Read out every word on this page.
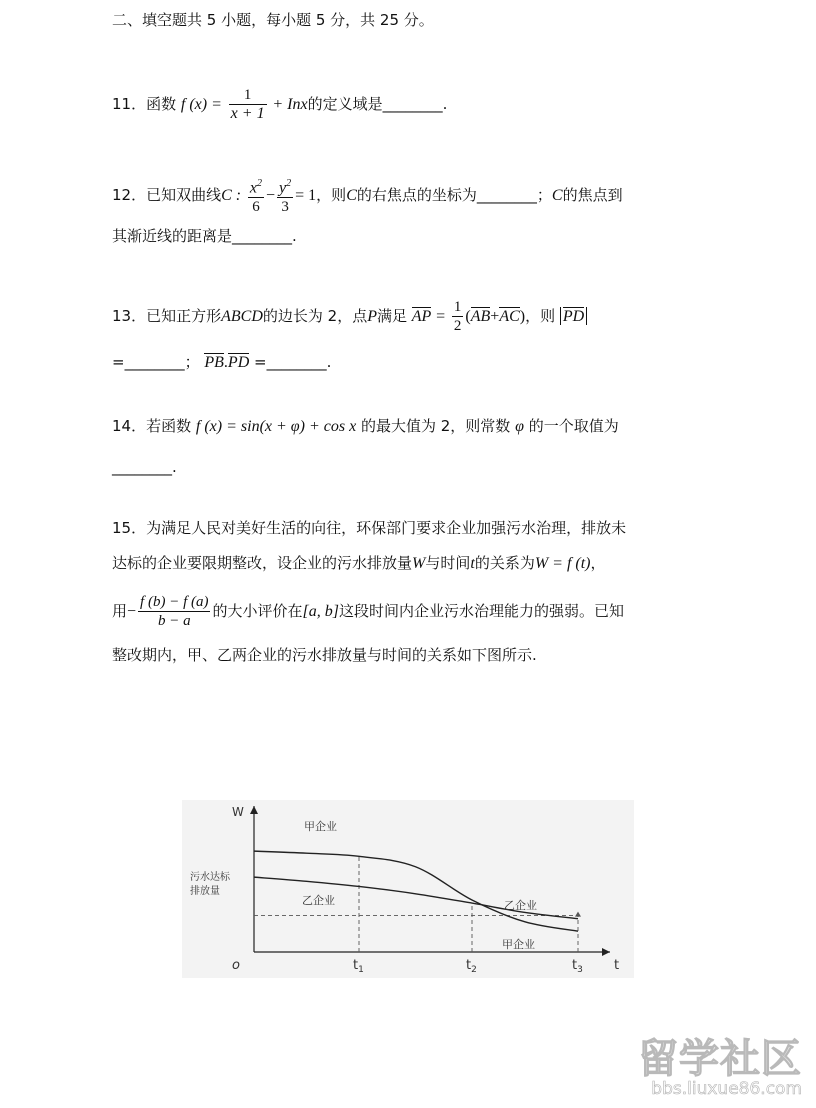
二、填空题共 5 小题，每小题 5 分，共 25 分。
11．函数 f $(x) = \frac{1}{x + 1}$ + Inx的定义域是________.
12．已知双曲线C : $\frac{x^2}{6} - \frac{y^2}{3} = 1$，则C的右焦点的坐标为________；C的焦点到
其渐近线的距离是________.
13．已知正方形ABCD的边长为 2，点P满足 AP = $\frac{1}{2} (AB+AC)$，则 PD
=________； PB.PD =________.
14．若函数 f (x) = sin(x + φ) + cos x 的最大值为 2，则常数 φ 的一个取值为
________.
15．为满足人民对美好生活的向往，环保部门要求企业加强污水治理，排放未
达标的企业要限期整改，设企业的污水排放量W与时间t的关系为W = f (t)，
用− $\frac{f (b) - f (a)}{b - a}$ 的大小评价在[a, b]这段时间内企业污水治理能力的强弱。已知
整改期内，甲、乙两企业的污水排放量与时间的关系如下图所示.
W
t
o
污水达标
排放量
$t_1$	$t_2$	$t_3$
甲企业
乙企业	乙企业
甲企业
留学社区
bbs.liuxue86.com
